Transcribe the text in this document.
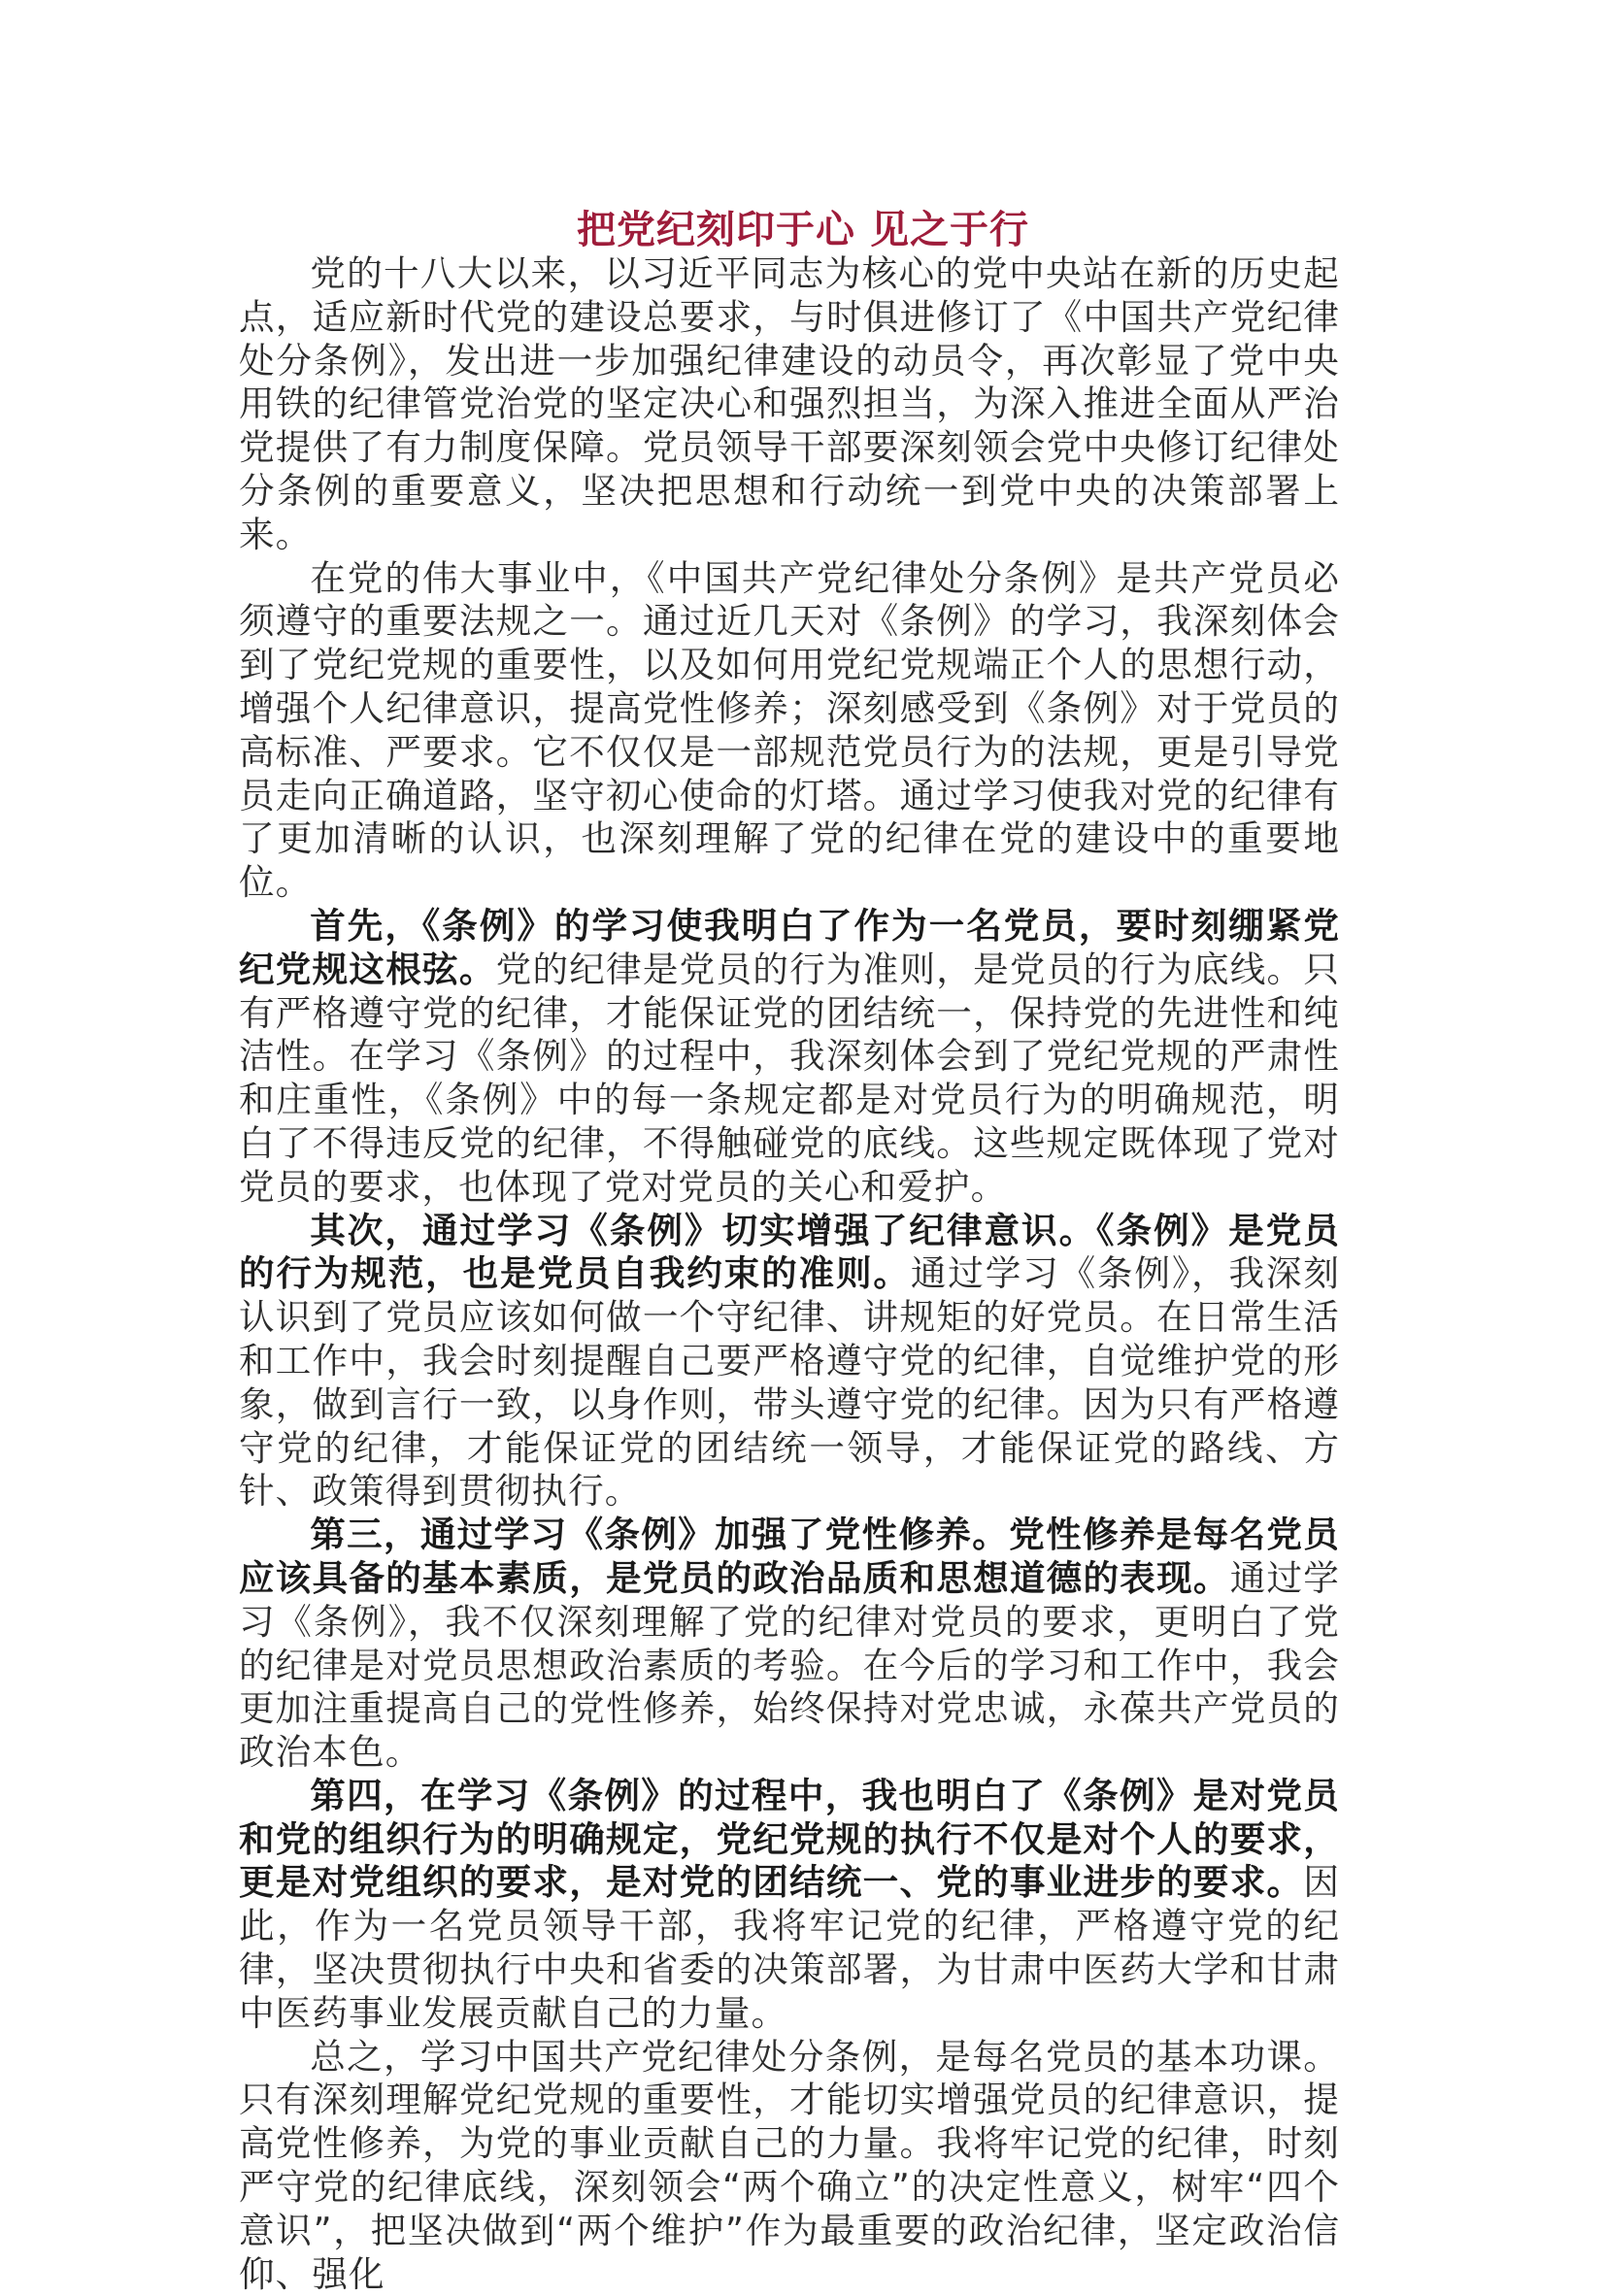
把党纪刻印于心 见之于行

党的十八大以来，以习近平同志为核心的党中央站在新的历史起点，适应新时代党的建设总要求，与时俱进修订了《中国共产党纪律处分条例》，发出进一步加强纪律建设的动员令，再次彰显了党中央用铁的纪律管党治党的坚定决心和强烈担当，为深入推进全面从严治党提供了有力制度保障。党员领导干部要深刻领会党中央修订纪律处分条例的重要意义，坚决把思想和行动统一到党中央的决策部署上来。

在党的伟大事业中，《中国共产党纪律处分条例》是共产党员必须遵守的重要法规之一。通过近几天对《条例》的学习，我深刻体会到了党纪党规的重要性，以及如何用党纪党规端正个人的思想行动，增强个人纪律意识，提高党性修养；深刻感受到《条例》对于党员的高标准、严要求。它不仅仅是一部规范党员行为的法规，更是引导党员走向正确道路，坚守初心使命的灯塔。通过学习使我对党的纪律有了更加清晰的认识，也深刻理解了党的纪律在党的建设中的重要地位。

首先，《条例》的学习使我明白了作为一名党员，要时刻绷紧党纪党规这根弦。党的纪律是党员的行为准则，是党员的行为底线。只有严格遵守党的纪律，才能保证党的团结统一，保持党的先进性和纯洁性。在学习《条例》的过程中，我深刻体会到了党纪党规的严肃性和庄重性，《条例》中的每一条规定都是对党员行为的明确规范，明白了不得违反党的纪律，不得触碰党的底线。这些规定既体现了党对党员的要求，也体现了党对党员的关心和爱护。

其次，通过学习《条例》切实增强了纪律意识。《条例》是党员的行为规范，也是党员自我约束的准则。通过学习《条例》，我深刻认识到了党员应该如何做一个守纪律、讲规矩的好党员。在日常生活和工作中，我会时刻提醒自己要严格遵守党的纪律，自觉维护党的形象，做到言行一致，以身作则，带头遵守党的纪律。因为只有严格遵守党的纪律，才能保证党的团结统一领导，才能保证党的路线、方针、政策得到贯彻执行。

第三，通过学习《条例》加强了党性修养。党性修养是每名党员应该具备的基本素质，是党员的政治品质和思想道德的表现。通过学习《条例》，我不仅深刻理解了党的纪律对党员的要求，更明白了党的纪律是对党员思想政治素质的考验。在今后的学习和工作中，我会更加注重提高自己的党性修养，始终保持对党忠诚，永葆共产党员的政治本色。

第四，在学习《条例》的过程中，我也明白了《条例》是对党员和党的组织行为的明确规定，党纪党规的执行不仅是对个人的要求，更是对党组织的要求，是对党的团结统一、党的事业进步的要求。因此，作为一名党员领导干部，我将牢记党的纪律，严格遵守党的纪律，坚决贯彻执行中央和省委的决策部署，为甘肃中医药大学和甘肃中医药事业发展贡献自己的力量。

总之，学习中国共产党纪律处分条例，是每名党员的基本功课。只有深刻理解党纪党规的重要性，才能切实增强党员的纪律意识，提高党性修养，为党的事业贡献自己的力量。我将牢记党的纪律，时刻严守党的纪律底线，深刻领会“两个确立”的决定性意义，树牢“四个意识”，把坚决做到“两个维护”作为最重要的政治纪律，坚定政治信仰、强化
